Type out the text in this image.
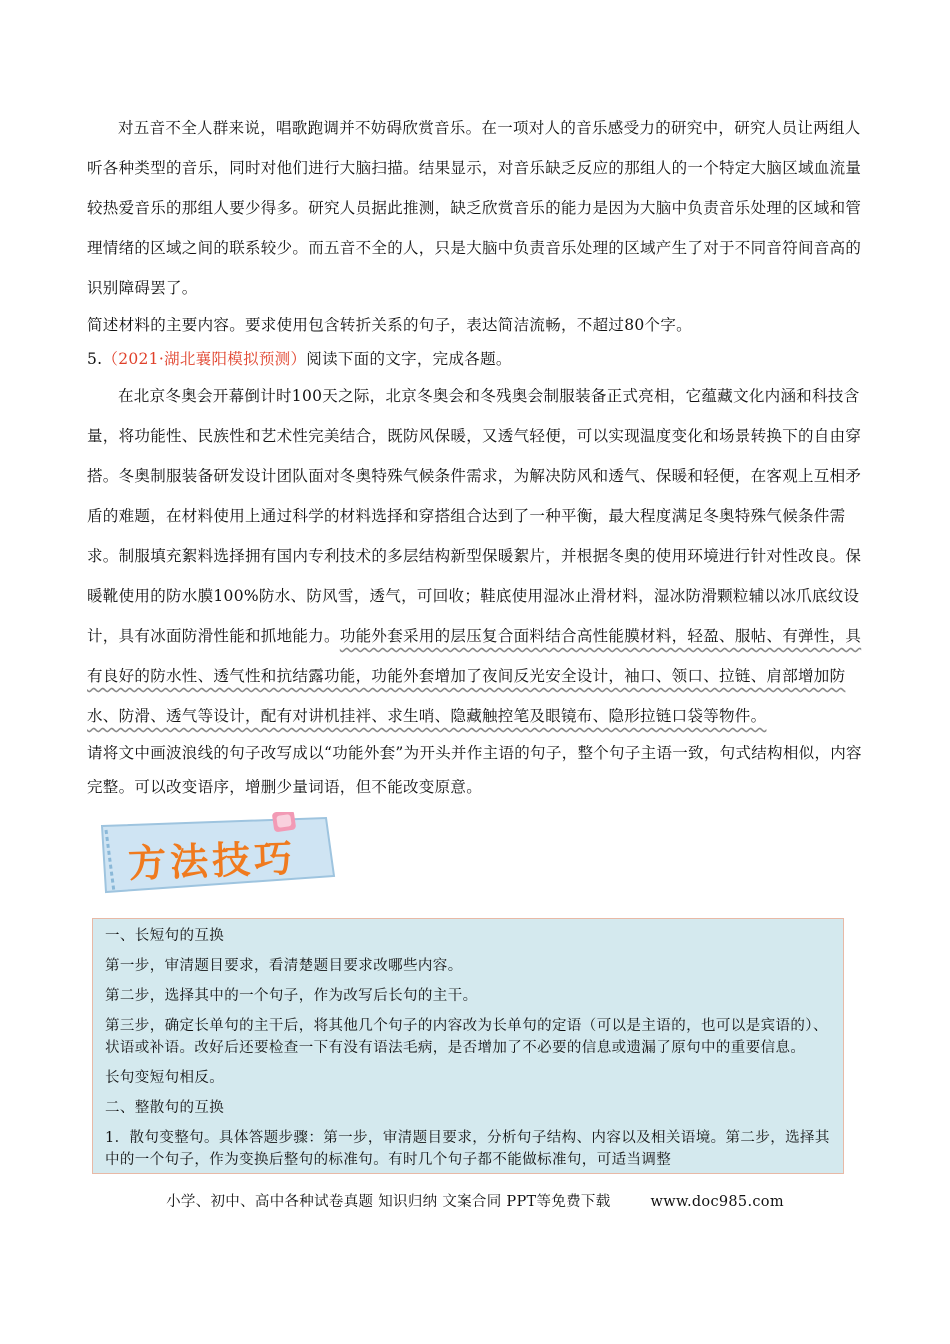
对五音不全人群来说，唱歌跑调并不妨碍欣赏音乐。在一项对人的音乐感受力的研究中，研究人员让两组人听各种类型的音乐，同时对他们进行大脑扫描。结果显示，对音乐缺乏反应的那组人的一个特定大脑区域血流量较热爱音乐的那组人要少得多。研究人员据此推测，缺乏欣赏音乐的能力是因为大脑中负责音乐处理的区域和管理情绪的区域之间的联系较少。而五音不全的人，只是大脑中负责音乐处理的区域产生了对于不同音符间音高的识别障碍罢了。

简述材料的主要内容。要求使用包含转折关系的句子，表达简洁流畅，不超过80个字。

5.（2021·湖北襄阳模拟预测）阅读下面的文字，完成各题。

在北京冬奥会开幕倒计时100天之际，北京冬奥会和冬残奥会制服装备正式亮相，它蕴藏文化内涵和科技含量，将功能性、民族性和艺术性完美结合，既防风保暖，又透气轻便，可以实现温度变化和场景转换下的自由穿搭。冬奥制服装备研发设计团队面对冬奥特殊气候条件需求，为解决防风和透气、保暖和轻便，在客观上互相矛盾的难题，在材料使用上通过科学的材料选择和穿搭组合达到了一种平衡，最大程度满足冬奥特殊气候条件需求。制服填充絮料选择拥有国内专利技术的多层结构新型保暖絮片，并根据冬奥的使用环境进行针对性改良。保暖靴使用的防水膜100%防水、防风雪，透气，可回收；鞋底使用湿冰止滑材料，湿冰防滑颗粒辅以冰爪底纹设计，具有冰面防滑性能和抓地能力。功能外套采用的层压复合面料结合高性能膜材料，轻盈、服帖、有弹性，具有良好的防水性、透气性和抗结露功能，功能外套增加了夜间反光安全设计，袖口、领口、拉链、肩部增加防水、防滑、透气等设计，配有对讲机挂袢、求生哨、隐藏触控笔及眼镜布、隐形拉链口袋等物件。

请将文中画波浪线的句子改写成以“功能外套”为开头并作主语的句子，整个句子主语一致，句式结构相似，内容完整。可以改变语序，增删少量词语，但不能改变原意。

方法技巧

一、长短句的互换

第一步，审清题目要求，看清楚题目要求改哪些内容。

第二步，选择其中的一个句子，作为改写后长句的主干。

第三步，确定长单句的主干后，将其他几个句子的内容改为长单句的定语（可以是主语的，也可以是宾语的）、状语或补语。改好后还要检查一下有没有语法毛病，是否增加了不必要的信息或遗漏了原句中的重要信息。

长句变短句相反。

二、整散句的互换

1．散句变整句。具体答题步骤：第一步，审清题目要求，分析句子结构、内容以及相关语境。第二步，选择其中的一个句子，作为变换后整句的标准句。有时几个句子都不能做标准句，可适当调整

小学、初中、高中各种试卷真题 知识归纳 文案合同 PPT等免费下载	www.doc985.com
